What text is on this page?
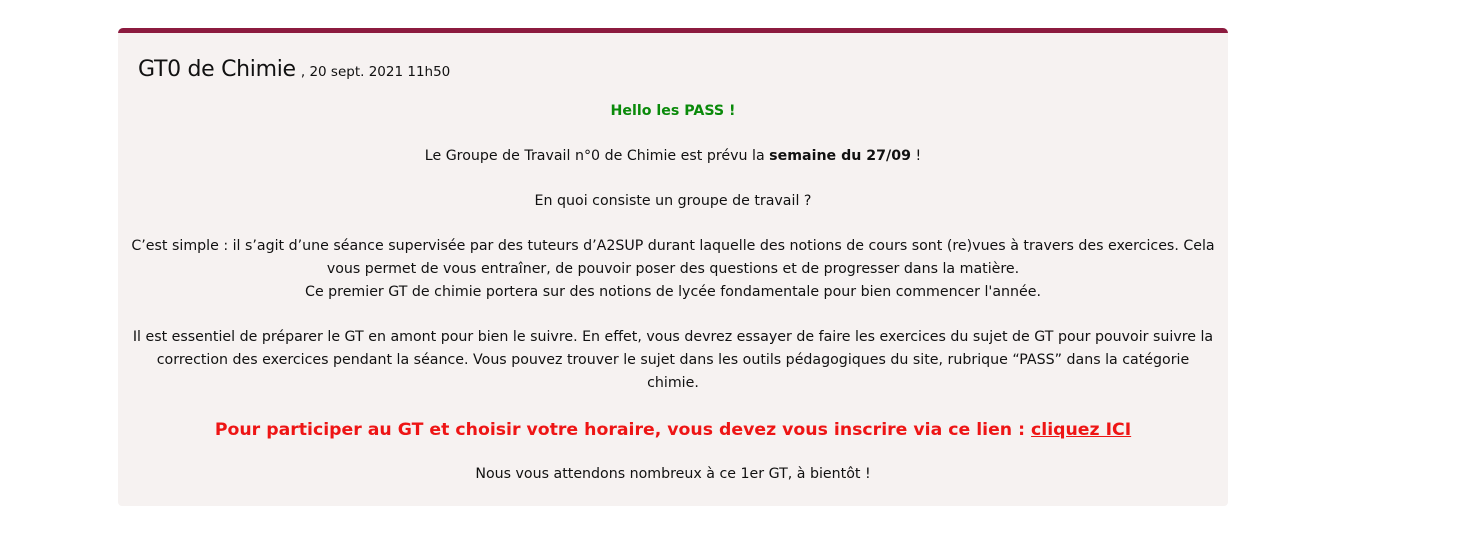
GT0 de Chimie , 20 sept. 2021 11h50

Hello les PASS !

Le Groupe de Travail n°0 de Chimie est prévu la semaine du 27/09 !

En quoi consiste un groupe de travail ?

C’est simple : il s’agit d’une séance supervisée par des tuteurs d’A2SUP durant laquelle des notions de cours sont (re)vues à travers des exercices. Cela vous permet de vous entraîner, de pouvoir poser des questions et de progresser dans la matière.
Ce premier GT de chimie portera sur des notions de lycée fondamentale pour bien commencer l'année.

Il est essentiel de préparer le GT en amont pour bien le suivre. En effet, vous devrez essayer de faire les exercices du sujet de GT pour pouvoir suivre la correction des exercices pendant la séance. Vous pouvez trouver le sujet dans les outils pédagogiques du site, rubrique “PASS” dans la catégorie chimie.

Pour participer au GT et choisir votre horaire, vous devez vous inscrire via ce lien : cliquez ICI

Nous vous attendons nombreux à ce 1er GT, à bientôt !
